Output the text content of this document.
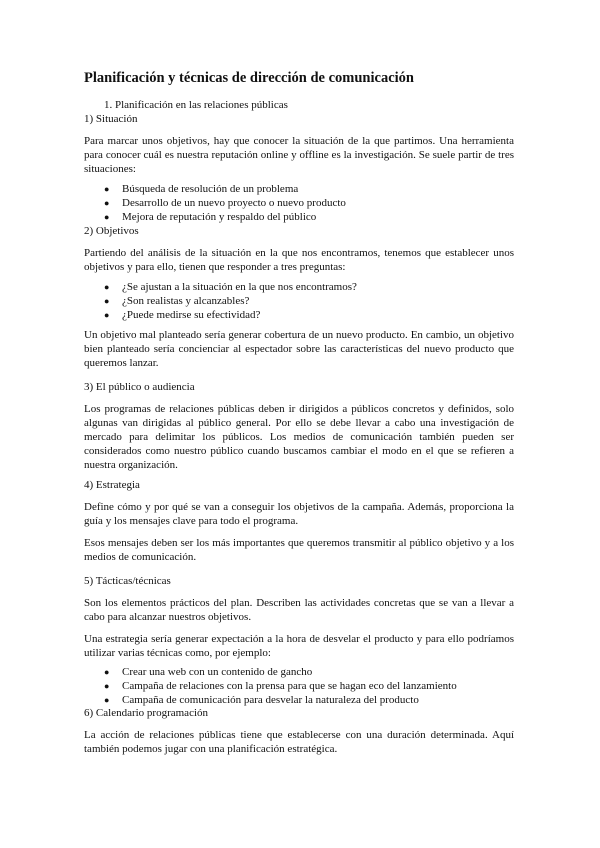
Planificación y técnicas de dirección de comunicación

1. Planificación en las relaciones públicas

1) Situación

Para marcar unos objetivos, hay que conocer la situación de la que partimos. Una herramienta para conocer cuál es nuestra reputación online y offline es la investigación. Se suele partir de tres situaciones:

● Búsqueda de resolución de un problema
● Desarrollo de un nuevo proyecto o nuevo producto
● Mejora de reputación y respaldo del público

2) Objetivos

Partiendo del análisis de la situación en la que nos encontramos, tenemos que establecer unos objetivos y para ello, tienen que responder a tres preguntas:

● ¿Se ajustan a la situación en la que nos encontramos?
● ¿Son realistas y alcanzables?
● ¿Puede medirse su efectividad?

Un objetivo mal planteado sería generar cobertura de un nuevo producto. En cambio, un objetivo bien planteado sería concienciar al espectador sobre las características del nuevo producto que queremos lanzar.

3) El público o audiencia

Los programas de relaciones públicas deben ir dirigidos a públicos concretos y definidos, solo algunas van dirigidas al público general. Por ello se debe llevar a cabo una investigación de mercado para delimitar los públicos. Los medios de comunicación también pueden ser considerados como nuestro público cuando buscamos cambiar el modo en el que se refieren a nuestra organización.

4) Estrategia

Define cómo y por qué se van a conseguir los objetivos de la campaña. Además, proporciona la guía y los mensajes clave para todo el programa.

Esos mensajes deben ser los más importantes que queremos transmitir al público objetivo y a los medios de comunicación.

5) Tácticas/técnicas

Son los elementos prácticos del plan. Describen las actividades concretas que se van a llevar a cabo para alcanzar nuestros objetivos.

Una estrategia sería generar expectación a la hora de desvelar el producto y para ello podríamos utilizar varias técnicas como, por ejemplo:

● Crear una web con un contenido de gancho
● Campaña de relaciones con la prensa para que se hagan eco del lanzamiento
● Campaña de comunicación para desvelar la naturaleza del producto

6) Calendario programación

La acción de relaciones públicas tiene que establecerse con una duración determinada. Aquí también podemos jugar con una planificación estratégica.
